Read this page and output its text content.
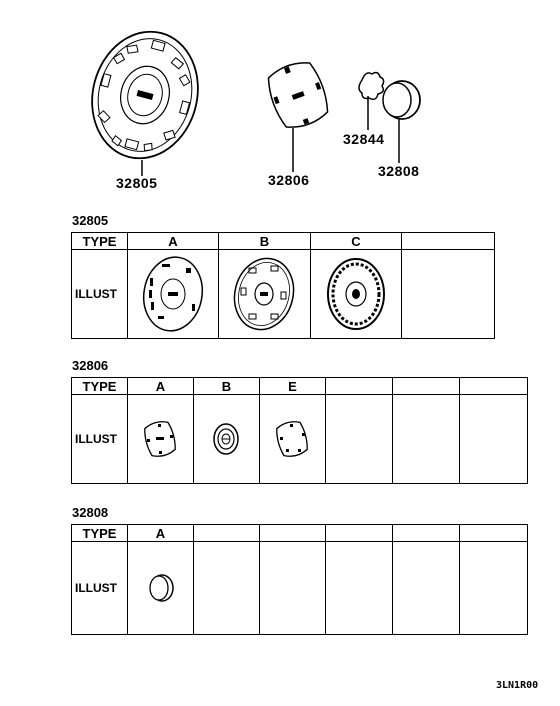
32805	32806
32844
32808
32805
TYPE	A	B	C	
ILLUST	

32806
TYPE	A	B	E			
ILLUST	

32808
TYPE	A					
ILLUST	

3LN1R00
